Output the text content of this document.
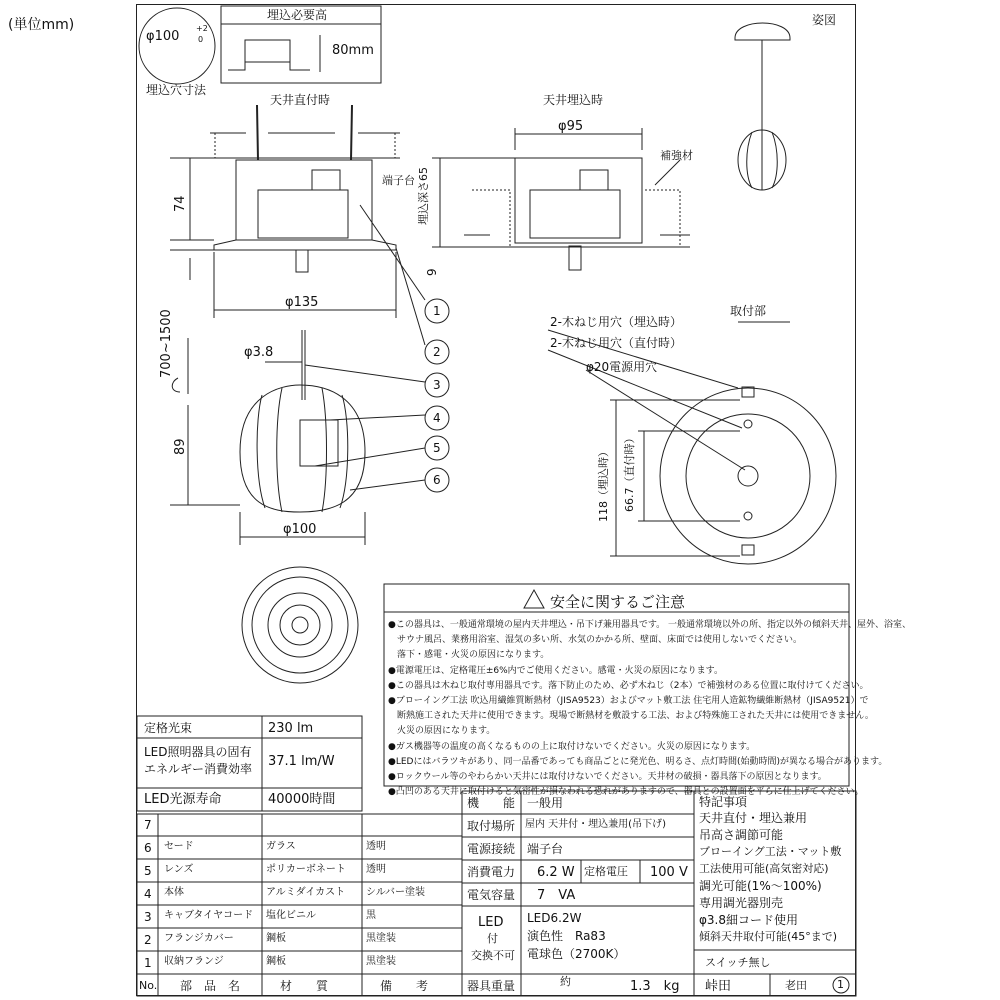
(単位mm)
φ100
+2
0
埋込穴寸法
埋込必要高
80mm
天井直付時	天井埋込時
姿図
取付部
端子台
補強材
埋込深さ65
φ95
74
9
φ135
700~1500	φ3.8
89
φ100
118（埋込時） 66.7（直付時）
2-木ねじ用穴（埋込時）
2-木ねじ用穴（直付時）
φ20電源用穴
1
2
3
4
5
6
安全に関するご注意
●この器具は、一般通常環境の屋内天井埋込・吊下げ兼用器具です。 一般通常環境以外の所、指定以外の傾斜天井、屋外、浴室、
　サウナ風呂、業務用浴室、湿気の多い所、水気のかかる所、壁面、床面では使用しないでください。
　落下・感電・火災の原因になります。
●電源電圧は、定格電圧±6%内でご使用ください。感電・火災の原因になります。
●この器具は木ねじ取付専用器具です。落下防止のため、必ず木ねじ（2本）で補強材のある位置に取付けてください。
●ブローイング工法 吹込用繊維質断熱材（JISA9523）およびマット敷工法 住宅用人造鉱物繊維断熱材（JISA9521）で
　断熱施工された天井に使用できます。現場で断熱材を敷設する工法、および特殊施工された天井には使用できません。
　火災の原因になります。
●ガス機器等の温度の高くなるものの上に取付けないでください。火災の原因になります。
●LEDにはバラツキがあり、同一品番であっても商品ごとに発光色、明るさ、点灯時間(始動時間)が異なる場合があります。
●ロックウール等のやわらかい天井には取付けないでください。天井材の破損・器具落下の原因となります。
●凸凹のある天井に取付けると気密性が損なわれる恐れがありますので、器具との設置面を平らに仕上げてください。
定格光束	230 lm
LED照明器具の固有
エネルギー消費効率 37.1 lm/W
LED光源寿命	40000時間
7
6 セード	ガラス	透明
5 レンズ	ポリカーボネート 透明
4 本体	アルミダイカスト シルバー塗装
3 キャブタイヤコード 塩化ビニル	黒
2 フランジカバー	鋼板	黒塗装
1 収納フランジ	鋼板	黒塗装
No. 部　品　名	材　　質	備　　考
機　　能 一般用
取付場所 屋内 天井付・埋込兼用(吊下げ)
電源接続 端子台
消費電力 6.2 W 定格電圧 100 V
電気容量 7　VA
LED
付
交換不可
LED6.2W
演色性　Ra83
電球色（2700K）
器具重量	約	1.3　kg
特記事項
天井直付・埋込兼用
吊高さ調節可能
ブローイング工法・マット敷
工法使用可能(高気密対応)
調光可能(1%～100%)
専用調光器別売
φ3.8細コード使用
傾斜天井取付可能(45°まで)
スイッチ無し
峠田	老田	1
